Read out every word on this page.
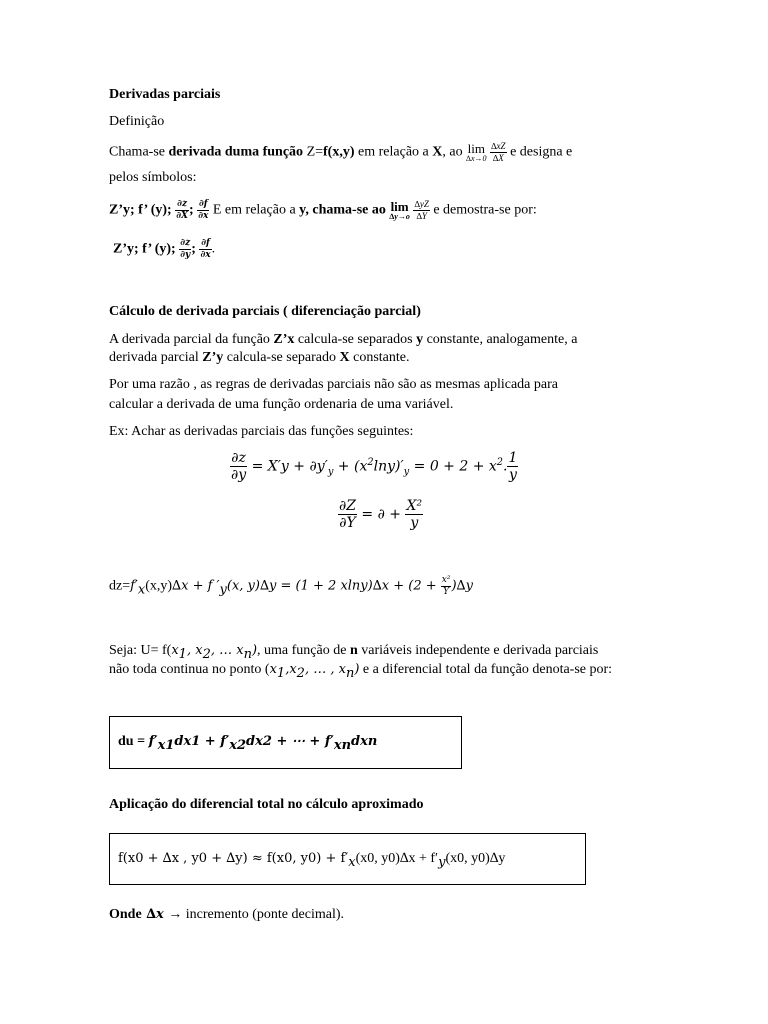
Derivadas parciais
Definição
Chama-se derivada duma função Z=f(x,y) em relação a X, ao lim
∆x→0
$\frac{\Delta xZ}{\Delta X}$ e designa e
pelos símbolos:
Z’y; f’ (y); $\frac{\partial z}{\partial X}$ ; $\frac{\partial f}{\partial x}$ E em relação a y, chama-se ao lim
∆y→o
$\frac{\Delta yZ}{\Delta Y}$ e demostra-se por:
Z’y; f’ (y); $\frac{\partial z}{\partial y}$ ; $\frac{\partial f}{\partial x}$ .
Cálculo de derivada parciais ( diferenciação parcial)
A derivada parcial da função Z’x calcula-se separados y constante, analogamente, a
derivada parcial Z’y calcula-se separado X constante.
Por uma razão , as regras de derivadas parciais não são as mesmas aplicada para
calcular a derivada de uma função ordenaria de uma variável.
Ex: Achar as derivadas parciais das funções seguintes:
$\frac{\partial z}{\partial y} = X'y + \partial y'_y + (x^2\ln y)'_y = 0 + 2 + x^2$. $\frac{1}{y}$
$\frac{\partial Z}{\partial Y}$ = ∂ + $\frac{\text{X²}}{y}$
$dz=f'_x(x,y)\Delta x + f$ $'_y(x$, y)∆y = (1 + 2 $xlny)\Delta x + (2 + \frac{\text{x²}}{Y} )\Delta y$
Seja: $U= f(x_1$, $x_2$, … $x_n$), uma função de n variáveis independente e derivada parciais
não toda continua no ponto ($x_1,x_2$, … , $x_n$) e a diferencial total da função denota-se por:
du = $f'_{x1}dx1 + f'_{x2}dx2$ + ⋯ + $f'_{xn}dxn$
Aplicação do diferencial total no cálculo aproximado
f(x0 + ∆x , y0 + ∆y) ≈ f(x0, $y0) + f'_x(x0$, $y0)\Delta x + f'_y(x0$, y0)∆y
Onde ∆x → incremento (ponte decimal).
